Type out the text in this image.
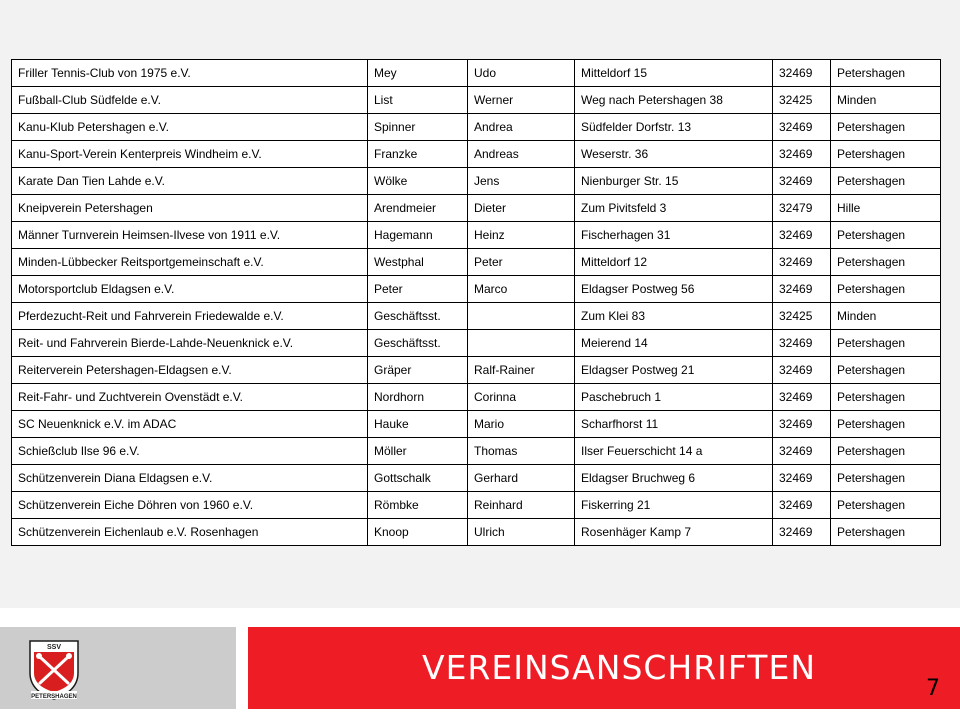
Friller Tennis-Club von 1975 e.V.	Mey	Udo	Mitteldorf 15	32469	Petershagen
Fußball-Club Südfelde e.V.	List	Werner	Weg nach Petershagen 38	32425	Minden
Kanu-Klub Petershagen e.V.	Spinner	Andrea	Südfelder Dorfstr. 13	32469	Petershagen
Kanu-Sport-Verein Kenterpreis Windheim e.V.	Franzke	Andreas	Weserstr. 36	32469	Petershagen
Karate Dan Tien Lahde e.V.	Wölke	Jens	Nienburger Str. 15	32469	Petershagen
Kneipverein Petershagen	Arendmeier	Dieter	Zum Pivitsfeld 3	32479	Hille
Männer Turnverein Heimsen-Ilvese von 1911 e.V.	Hagemann	Heinz	Fischerhagen 31	32469	Petershagen
Minden-Lübbecker Reitsportgemeinschaft e.V.	Westphal	Peter	Mitteldorf 12	32469	Petershagen
Motorsportclub Eldagsen e.V.	Peter	Marco	Eldagser Postweg 56	32469	Petershagen
Pferdezucht-Reit und Fahrverein Friedewalde e.V.	Geschäftsst.		Zum Klei 83	32425	Minden
Reit- und Fahrverein Bierde-Lahde-Neuenknick e.V.	Geschäftsst.		Meierend 14	32469	Petershagen
Reiterverein Petershagen-Eldagsen e.V.	Gräper	Ralf-Rainer	Eldagser Postweg 21	32469	Petershagen
Reit-Fahr- und Zuchtverein Ovenstädt e.V.	Nordhorn	Corinna	Paschebruch 1	32469	Petershagen
SC Neuenknick e.V. im ADAC	Hauke	Mario	Scharfhorst 11	32469	Petershagen
Schießclub Ilse 96 e.V.	Möller	Thomas	Ilser Feuerschicht 14 a	32469	Petershagen
Schützenverein Diana Eldagsen e.V.	Gottschalk	Gerhard	Eldagser Bruchweg 6	32469	Petershagen
Schützenverein Eiche Döhren von 1960 e.V.	Römbke	Reinhard	Fiskerring 21	32469	Petershagen
Schützenverein Eichenlaub e.V. Rosenhagen	Knoop	Ulrich	Rosenhäger Kamp 7	32469	Petershagen
SSV
PETERSHAGEN
VEREINSANSCHRIFTEN
7
